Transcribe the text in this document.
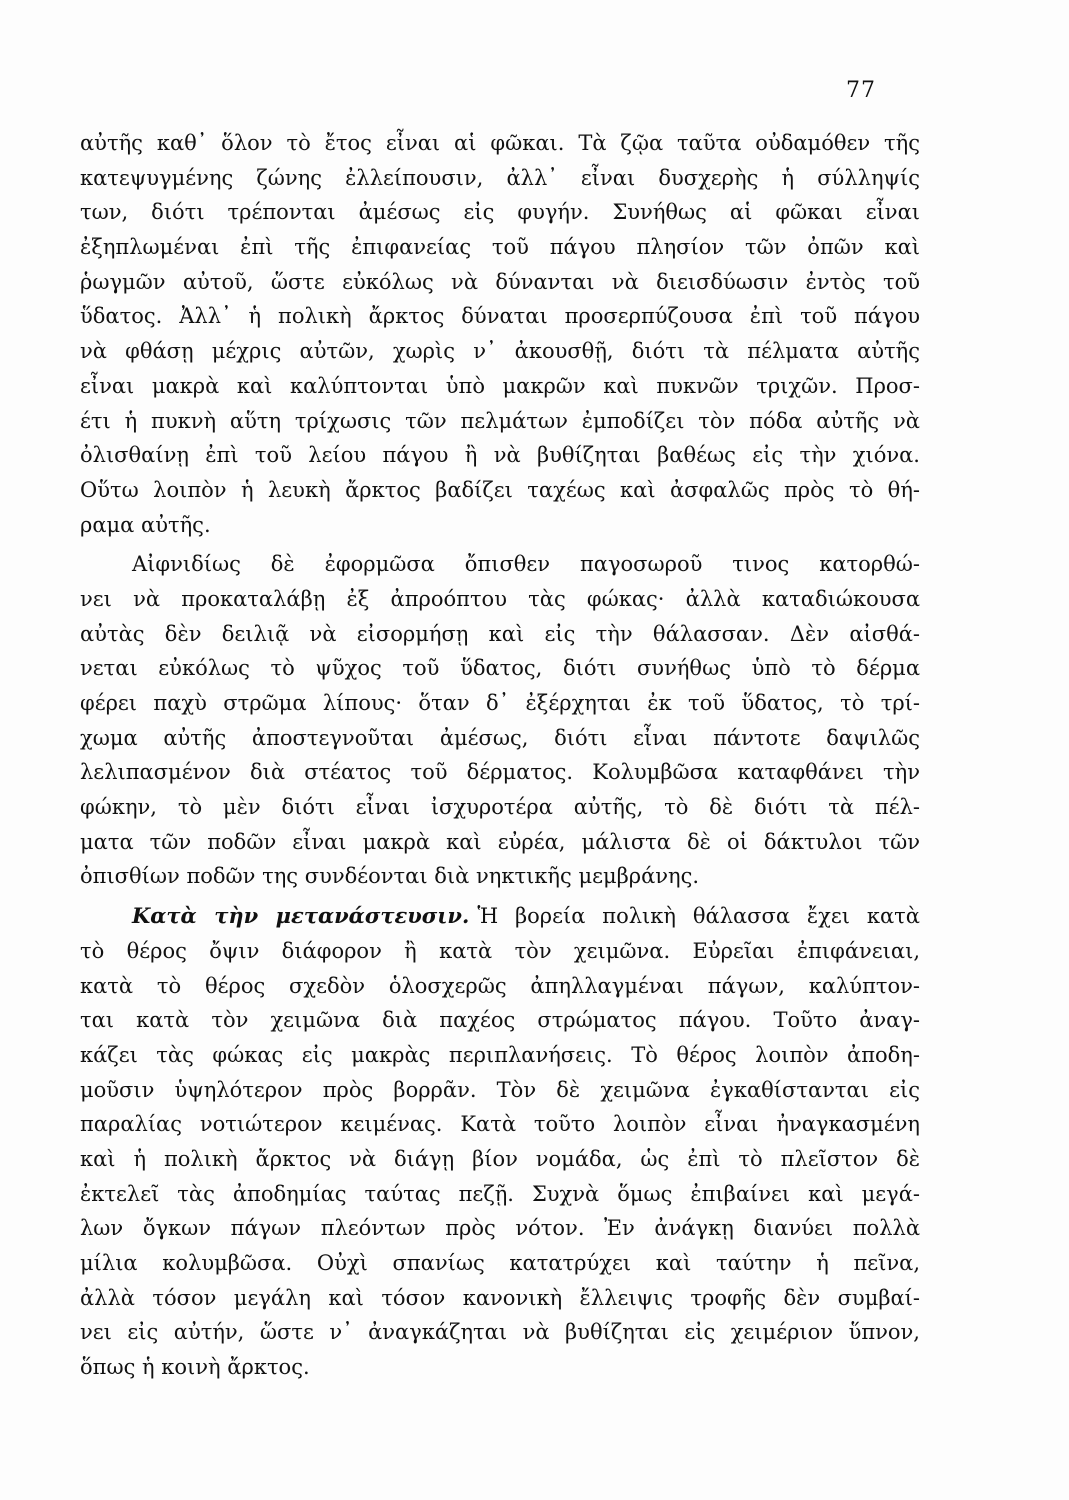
77
αὐτῆς καθ᾽ ὅλον τὸ ἔτος εἶναι αἱ φῶκαι. Τὰ ζῷα ταῦτα οὐδαμόθεν τῆς
κατεψυγμένης ζώνης ἐλλείπουσιν, ἀλλ᾽ εἶναι δυσχερὴς ἡ σύλληψίς
των, διότι τρέπονται ἀμέσως εἰς φυγήν. Συνήθως αἱ φῶκαι εἶναι
ἐξηπλωμέναι ἐπὶ τῆς ἐπιφανείας τοῦ πάγου πλησίον τῶν ὀπῶν καὶ
ῥωγμῶν αὐτοῦ, ὥστε εὐκόλως νὰ δύνανται νὰ διεισδύωσιν ἐντὸς τοῦ
ὕδατος. Ἀλλ᾽ ἡ πολικὴ ἄρκτος δύναται προσερπύζουσα ἐπὶ τοῦ πάγου
νὰ φθάσῃ μέχρις αὐτῶν, χωρὶς ν᾽ ἀκουσθῇ, διότι τὰ πέλματα αὐτῆς
εἶναι μακρὰ καὶ καλύπτονται ὑπὸ μακρῶν καὶ πυκνῶν τριχῶν. Προσ-
έτι ἡ πυκνὴ αὕτη τρίχωσις τῶν πελμάτων ἐμποδίζει τὸν πόδα αὐτῆς νὰ
ὀλισθαίνῃ ἐπὶ τοῦ λείου πάγου ἢ νὰ βυθίζηται βαθέως εἰς τὴν χιόνα.
Οὕτω λοιπὸν ἡ λευκὴ ἄρκτος βαδίζει ταχέως καὶ ἀσφαλῶς πρὸς τὸ θή-
ραμα αὐτῆς.
Αἰφνιδίως δὲ ἐφορμῶσα ὄπισθεν παγοσωροῦ τινος κατορθώ-
νει νὰ προκαταλάβῃ ἐξ ἀπροόπτου τὰς φώκας· ἀλλὰ καταδιώκουσα
αὐτὰς δὲν δειλιᾷ νὰ εἰσορμήσῃ καὶ εἰς τὴν θάλασσαν. Δὲν αἰσθά-
νεται εὐκόλως τὸ ψῦχος τοῦ ὕδατος, διότι συνήθως ὑπὸ τὸ δέρμα
φέρει παχὺ στρῶμα λίπους· ὅταν δ᾽ ἐξέρχηται ἐκ τοῦ ὕδατος, τὸ τρί-
χωμα αὐτῆς ἀποστεγνοῦται ἀμέσως, διότι εἶναι πάντοτε δαψιλῶς
λελιπασμένον διὰ στέατος τοῦ δέρματος. Κολυμβῶσα καταφθάνει τὴν
φώκην, τὸ μὲν διότι εἶναι ἰσχυροτέρα αὐτῆς, τὸ δὲ διότι τὰ πέλ-
ματα τῶν ποδῶν εἶναι μακρὰ καὶ εὐρέα, μάλιστα δὲ οἱ δάκτυλοι τῶν
ὀπισθίων ποδῶν της συνδέονται διὰ νηκτικῆς μεμβράνης.
Κατὰ τὴν μετανάστευσιν. Ἡ βορεία πολικὴ θάλασσα ἔχει κατὰ
τὸ θέρος ὄψιν διάφορον ἢ κατὰ τὸν χειμῶνα. Εὐρεῖαι ἐπιφάνειαι,
κατὰ τὸ θέρος σχεδὸν ὁλοσχερῶς ἀπηλλαγμέναι πάγων, καλύπτον-
ται κατὰ τὸν χειμῶνα διὰ παχέος στρώματος πάγου. Τοῦτο ἀναγ-
κάζει τὰς φώκας εἰς μακρὰς περιπλανήσεις. Τὸ θέρος λοιπὸν ἀποδη-
μοῦσιν ὑψηλότερον πρὸς βορρᾶν. Τὸν δὲ χειμῶνα ἐγκαθίστανται εἰς
παραλίας νοτιώτερον κειμένας. Κατὰ τοῦτο λοιπὸν εἶναι ἠναγκασμένη
καὶ ἡ πολικὴ ἄρκτος νὰ διάγῃ βίον νομάδα, ὡς ἐπὶ τὸ πλεῖστον δὲ
ἐκτελεῖ τὰς ἀποδημίας ταύτας πεζῇ. Συχνὰ ὅμως ἐπιβαίνει καὶ μεγά-
λων ὄγκων πάγων πλεόντων πρὸς νότον. Ἐν ἀνάγκῃ διανύει πολλὰ
μίλια κολυμβῶσα. Οὐχὶ σπανίως κατατρύχει καὶ ταύτην ἡ πεῖνα,
ἀλλὰ τόσον μεγάλη καὶ τόσον κανονικὴ ἔλλειψις τροφῆς δὲν συμβαί-
νει εἰς αὐτήν, ὥστε ν᾽ ἀναγκάζηται νὰ βυθίζηται εἰς χειμέριον ὕπνον,
ὅπως ἡ κοινὴ ἄρκτος.
